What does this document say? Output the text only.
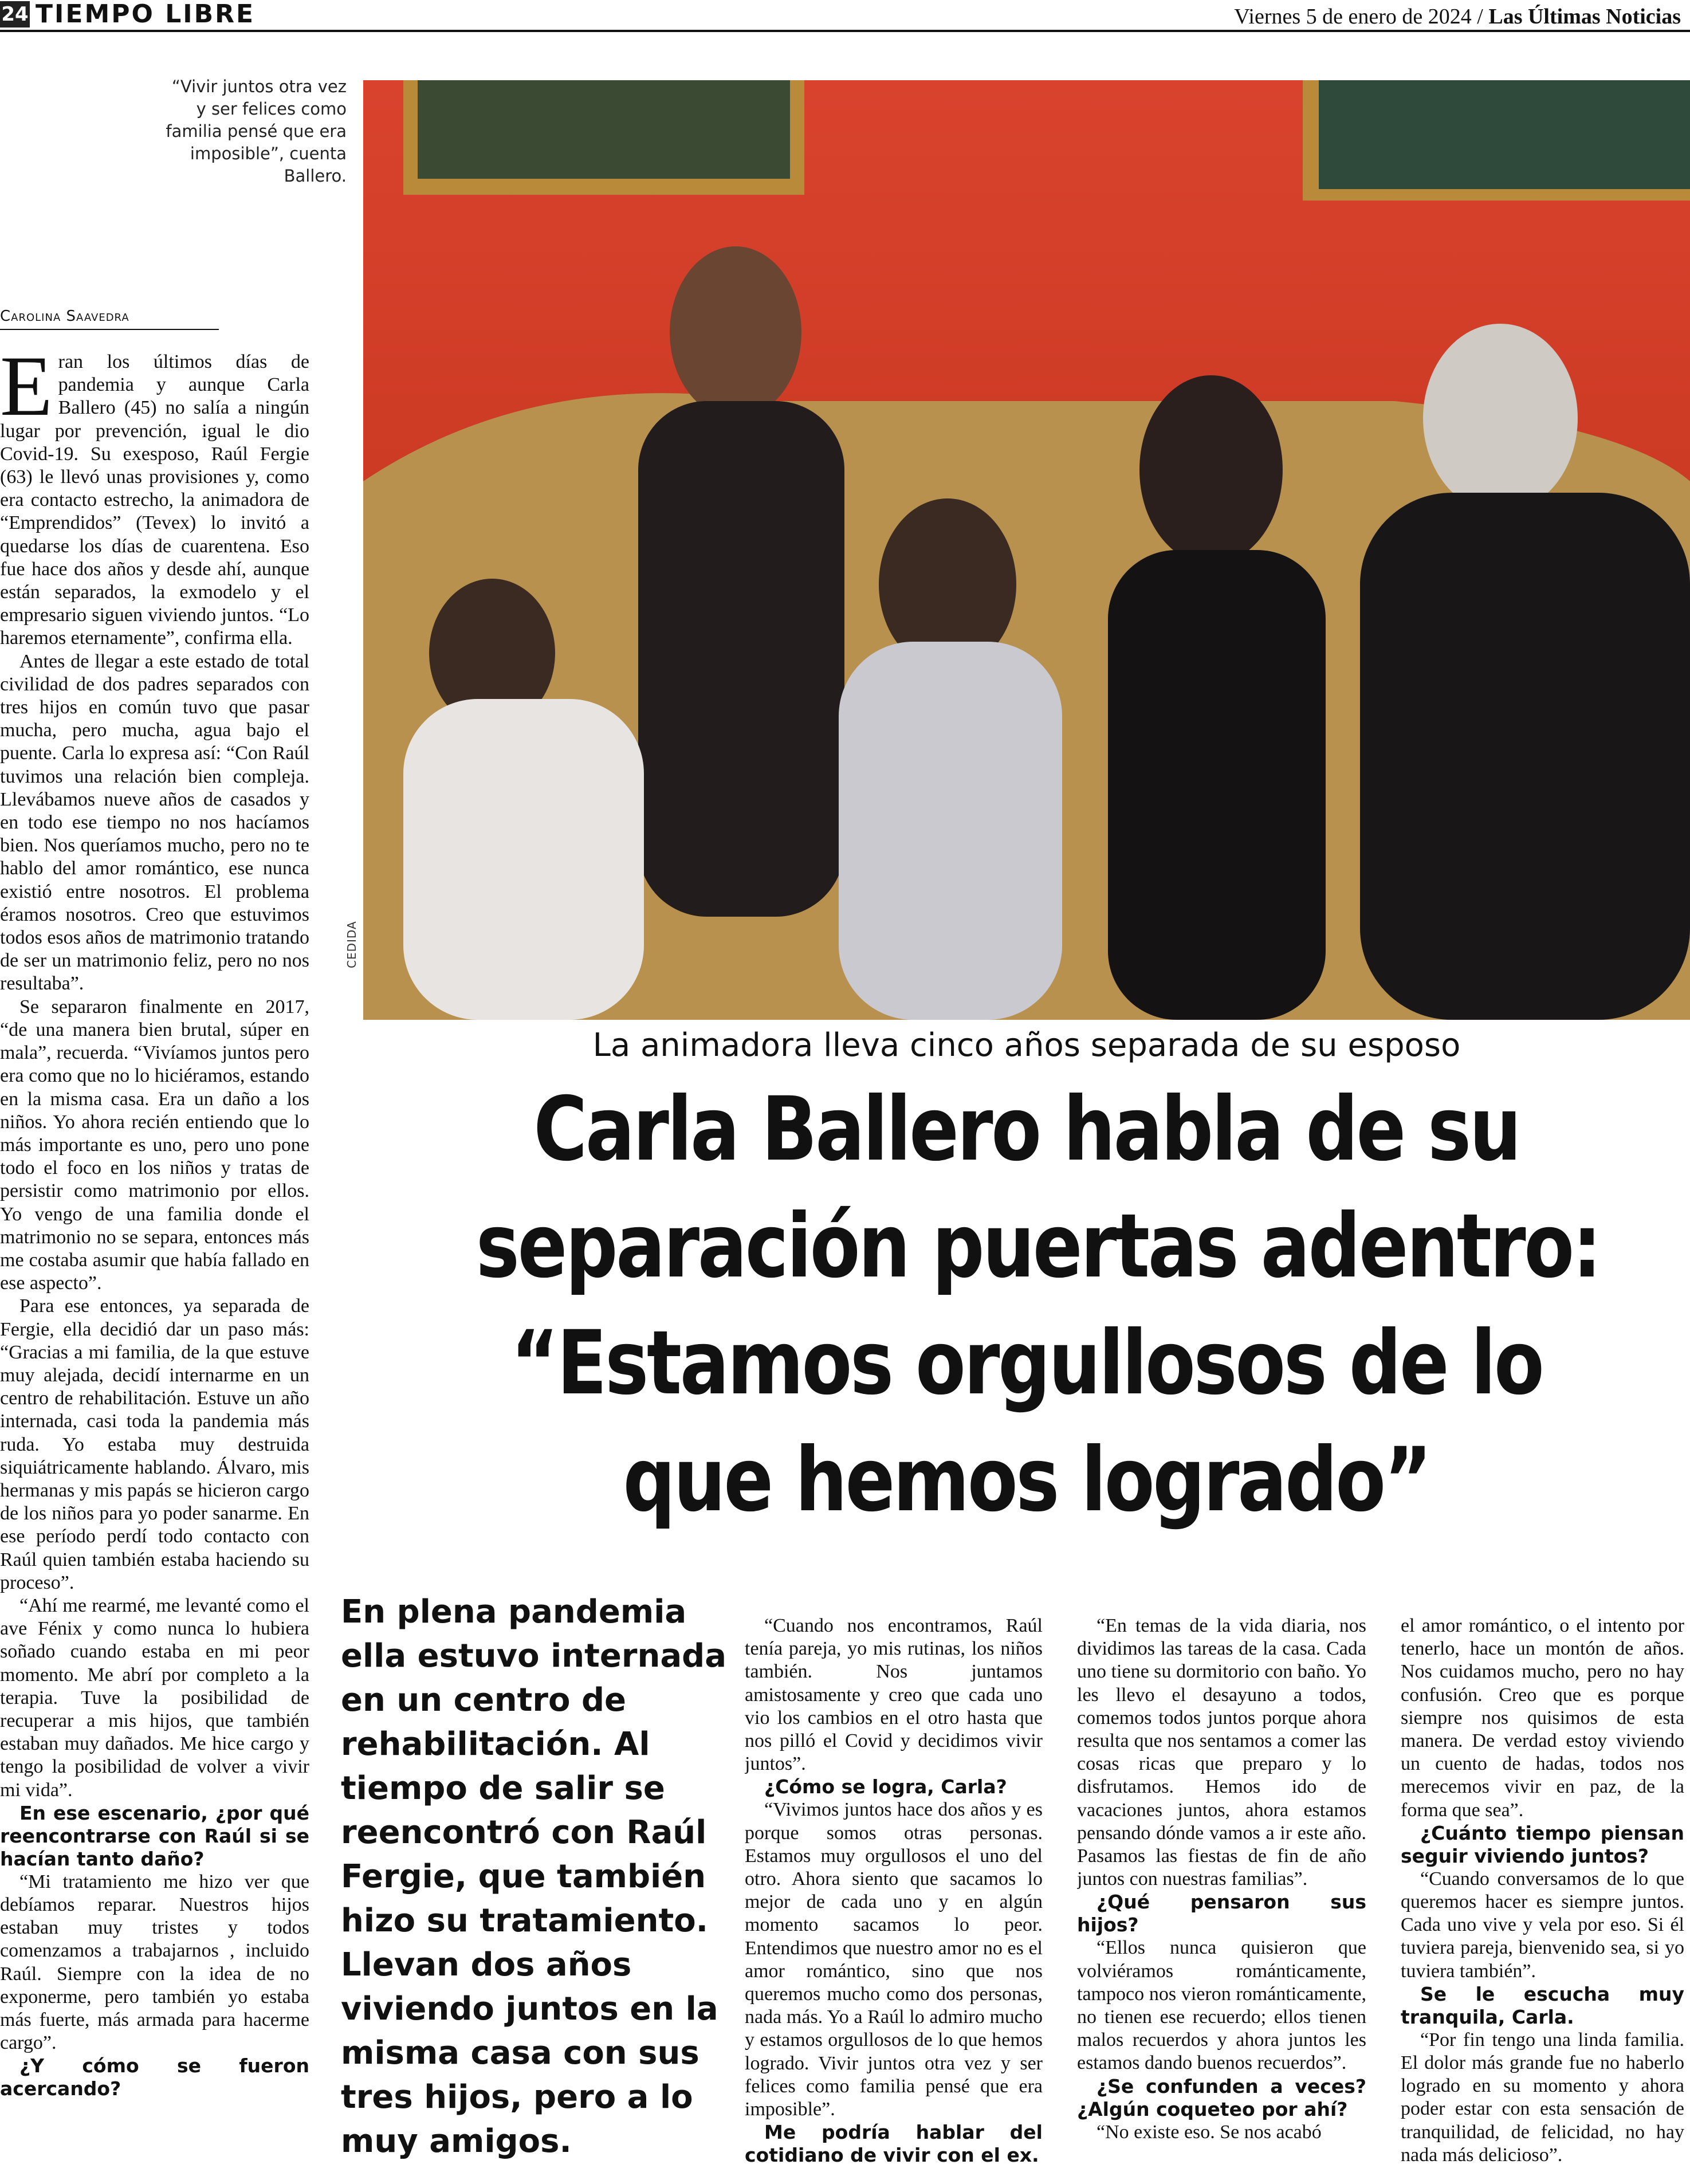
24 TIEMPO LIBRE	Viernes 5 de enero de 2024 / Las Últimas Noticias
“Vivir juntos otra vez y ser felices como familia pensé que era imposible”, cuenta Ballero.
Carolina Saavedra
CEDIDA
La animadora lleva cinco años separada de su esposo
Carla Ballero habla de su
separación puertas adentro:
“Estamos orgullosos de lo
que hemos logrado”

Eran los últimos días de pandemia y aunque Carla Ballero (45) no salía a ningún lugar por prevención, igual le dio Covid-19. Su exesposo, Raúl Fergie (63) le llevó unas provisiones y, como era contacto estrecho, la animadora de “Emprendidos” (Tevex) lo invitó a quedarse los días de cuarentena. Eso fue hace dos años y desde ahí, aunque están separados, la exmodelo y el empresario siguen viviendo juntos. “Lo haremos eternamente”, confirma ella.

Antes de llegar a este estado de total civilidad de dos padres separados con tres hijos en común tuvo que pasar mucha, pero mucha, agua bajo el puente. Carla lo expresa así: “Con Raúl tuvimos una relación bien compleja. Llevábamos nueve años de casados y en todo ese tiempo no nos hacíamos bien. Nos queríamos mucho, pero no te hablo del amor romántico, ese nunca existió entre nosotros. El problema éramos nosotros. Creo que estuvimos todos esos años de matrimonio tratando de ser un matrimonio feliz, pero no nos resultaba”.

Se separaron finalmente en 2017, “de una manera bien brutal, súper en mala”, recuerda. “Vivíamos juntos pero era como que no lo hiciéramos, estando en la misma casa. Era un daño a los niños. Yo ahora recién entiendo que lo más importante es uno, pero uno pone todo el foco en los niños y tratas de persistir como matrimonio por ellos. Yo vengo de una familia donde el matrimonio no se separa, entonces más me costaba asumir que había fallado en ese aspecto”.

Para ese entonces, ya separada de Fergie, ella decidió dar un paso más: “Gracias a mi familia, de la que estuve muy alejada, decidí internarme en un centro de rehabilitación. Estuve un año internada, casi toda la pandemia más ruda. Yo estaba muy destruida siquiátricamente hablando. Álvaro, mis hermanas y mis papás se hicieron cargo de los niños para yo poder sanarme. En ese período perdí todo contacto con Raúl quien también estaba haciendo su proceso”.

“Ahí me rearmé, me levanté como el ave Fénix y como nunca lo hubiera soñado cuando estaba en mi peor momento. Me abrí por completo a la terapia. Tuve la posibilidad de recuperar a mis hijos, que también estaban muy dañados. Me hice cargo y tengo la posibilidad de volver a vivir mi vida”.

En ese escenario, ¿por qué reencontrarse con Raúl si se hacían tanto daño?

“Mi tratamiento me hizo ver que debíamos reparar. Nuestros hijos estaban muy tristes y todos comenzamos a trabajarnos , incluido Raúl. Siempre con la idea de no exponerme, pero también yo estaba más fuerte, más armada para hacerme cargo”.

¿Y cómo se fueron acercando?

En plena pandemia ella estuvo internada en un centro de rehabilitación. Al tiempo de salir se reencontró con Raúl Fergie, que también hizo su tratamiento. Llevan dos años viviendo juntos en la misma casa con sus tres hijos, pero a lo muy amigos.

“Cuando nos encontramos, Raúl tenía pareja, yo mis rutinas, los niños también. Nos juntamos amistosamente y creo que cada uno vio los cambios en el otro hasta que nos pilló el Covid y decidimos vivir juntos”.

¿Cómo se logra, Carla?

“Vivimos juntos hace dos años y es porque somos otras personas. Estamos muy orgullosos el uno del otro. Ahora siento que sacamos lo mejor de cada uno y en algún momento sacamos lo peor. Entendimos que nuestro amor no es el amor romántico, sino que nos queremos mucho como dos personas, nada más. Yo a Raúl lo admiro mucho y estamos orgullosos de lo que hemos logrado. Vivir juntos otra vez y ser felices como familia pensé que era imposible”.

Me podría hablar del cotidiano de vivir con el ex.

“En temas de la vida diaria, nos dividimos las tareas de la casa. Cada uno tiene su dormitorio con baño. Yo les llevo el desayuno a todos, comemos todos juntos porque ahora resulta que nos sentamos a comer las cosas ricas que preparo y lo disfrutamos. Hemos ido de vacaciones juntos, ahora estamos pensando dónde vamos a ir este año. Pasamos las fiestas de fin de año juntos con nuestras familias”.

¿Qué pensaron sus hijos?

“Ellos nunca quisieron que volviéramos románticamente, tampoco nos vieron románticamente, no tienen ese recuerdo; ellos tienen malos recuerdos y ahora juntos les estamos dando buenos recuerdos”.

¿Se confunden a veces? ¿Algún coqueteo por ahí?

“No existe eso. Se nos acabó

el amor romántico, o el intento por tenerlo, hace un montón de años. Nos cuidamos mucho, pero no hay confusión. Creo que es porque siempre nos quisimos de esta manera. De verdad estoy viviendo un cuento de hadas, todos nos merecemos vivir en paz, de la forma que sea”.

¿Cuánto tiempo piensan seguir viviendo juntos?

“Cuando conversamos de lo que queremos hacer es siempre juntos. Cada uno vive y vela por eso. Si él tuviera pareja, bienvenido sea, si yo tuviera también”.

Se le escucha muy tranquila, Carla.

“Por fin tengo una linda familia. El dolor más grande fue no haberlo logrado en su momento y ahora poder estar con esta sensación de tranquilidad, de felicidad, no hay nada más delicioso”.
